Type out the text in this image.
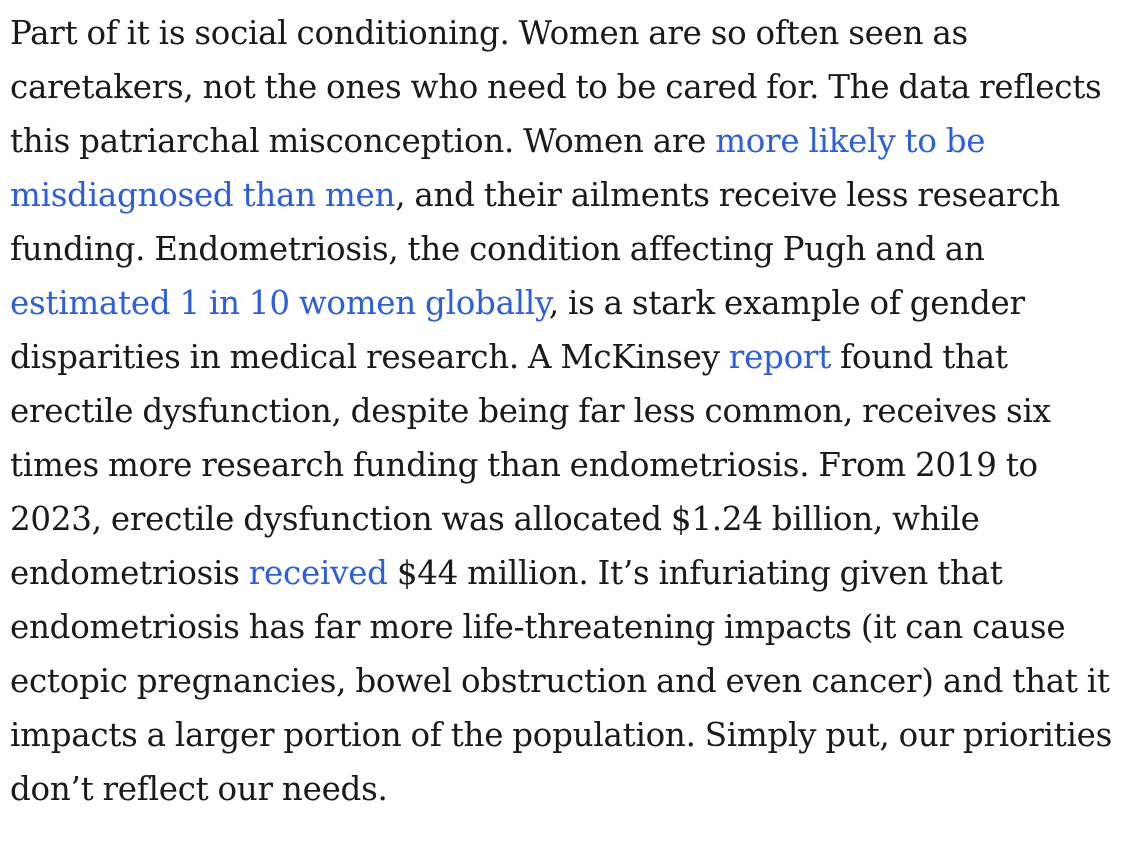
Part of it is social conditioning. Women are so often seen as
caretakers, not the ones who need to be cared for. The data reflects
this patriarchal misconception. Women are more likely to be
misdiagnosed than men, and their ailments receive less research
funding. Endometriosis, the condition affecting Pugh and an
estimated 1 in 10 women globally, is a stark example of gender
disparities in medical research. A McKinsey report found that
erectile dysfunction, despite being far less common, receives six
times more research funding than endometriosis. From 2019 to
2023, erectile dysfunction was allocated $1.24 billion, while
endometriosis received $44 million. It’s infuriating given that
endometriosis has far more life-threatening impacts (it can cause
ectopic pregnancies, bowel obstruction and even cancer) and that it
impacts a larger portion of the population. Simply put, our priorities
don’t reflect our needs.
